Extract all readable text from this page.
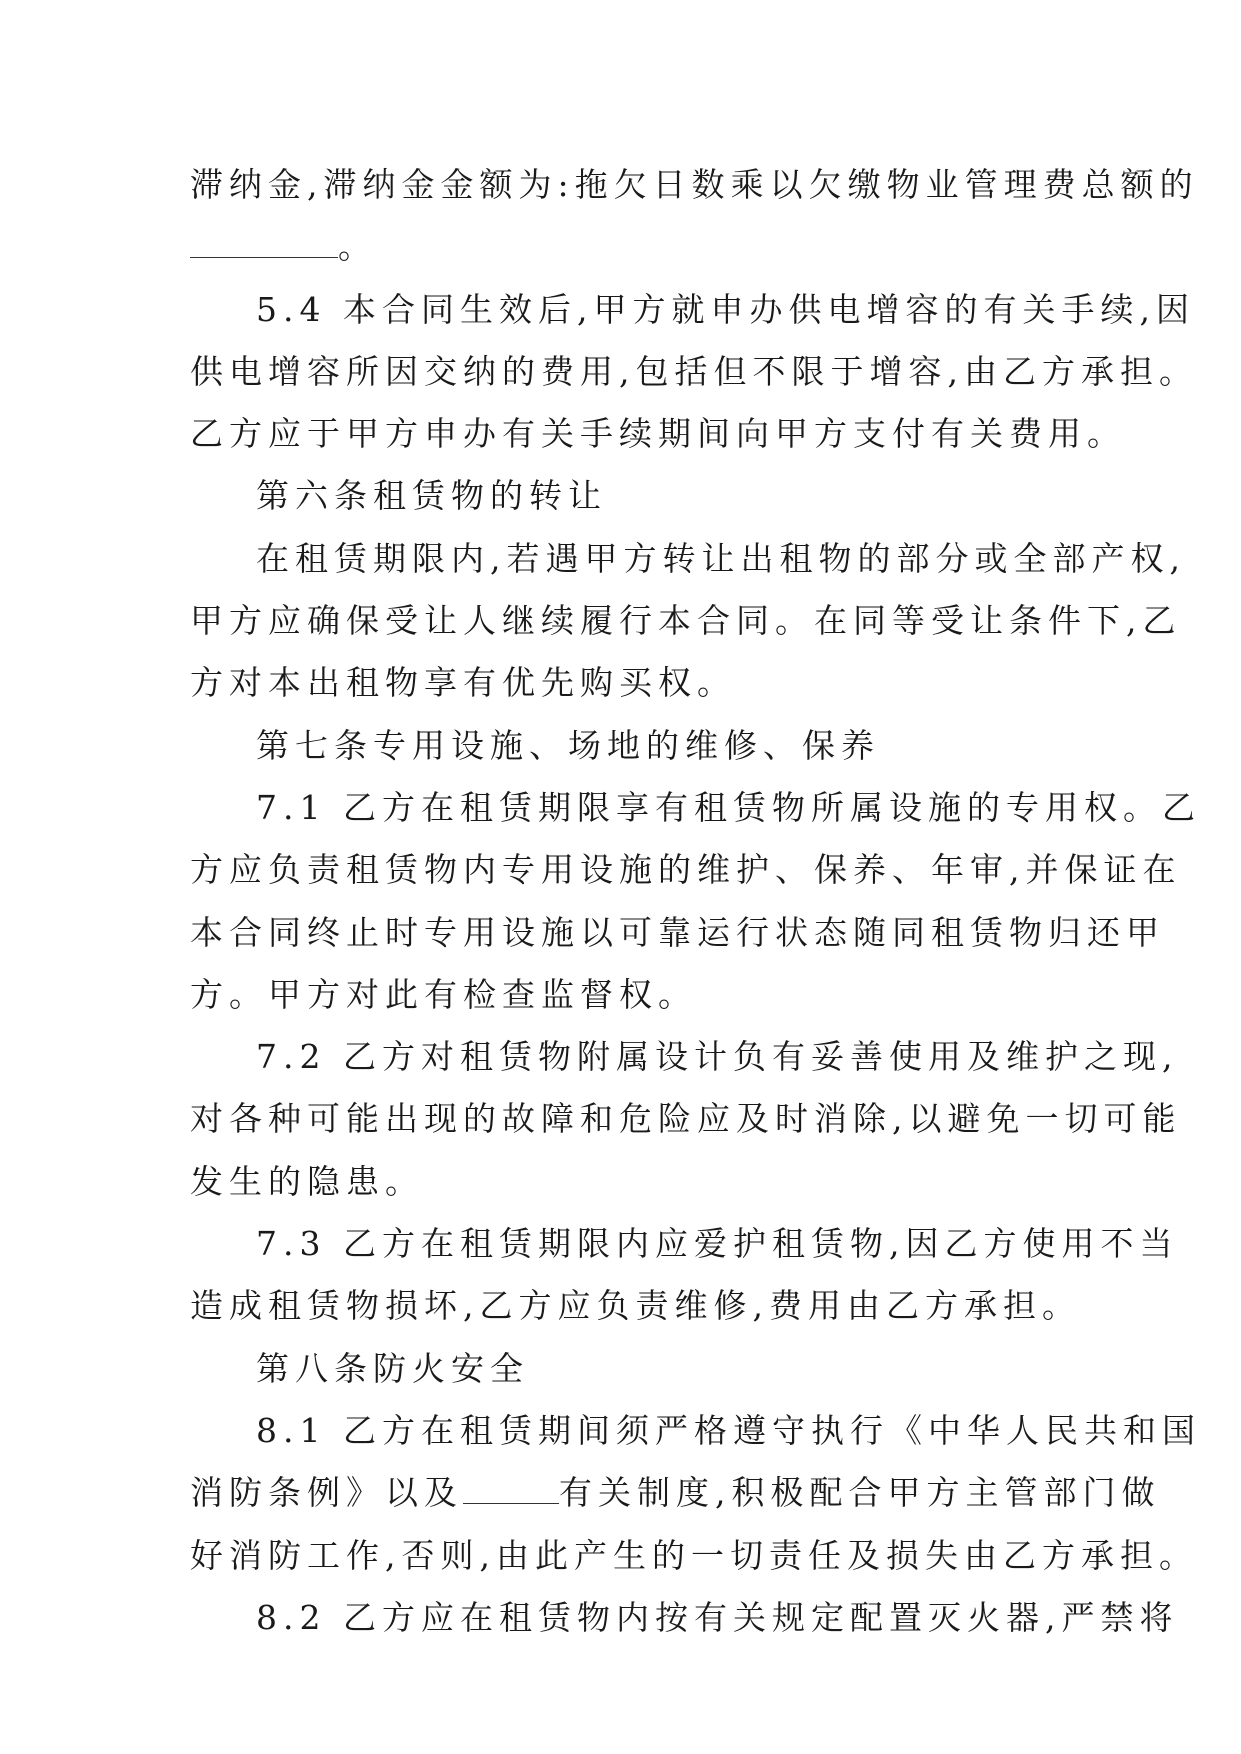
滞纳金,滞纳金金额为:拖欠日数乘以欠缴物业管理费总额的
。
5.4 本合同生效后,甲方就申办供电增容的有关手续,因
供电增容所因交纳的费用,包括但不限于增容,由乙方承担。
乙方应于甲方申办有关手续期间向甲方支付有关费用。
第六条租赁物的转让
在租赁期限内,若遇甲方转让出租物的部分或全部产权,
甲方应确保受让人继续履行本合同。在同等受让条件下,乙
方对本出租物享有优先购买权。
第七条专用设施、场地的维修、保养
7.1 乙方在租赁期限享有租赁物所属设施的专用权。乙
方应负责租赁物内专用设施的维护、保养、年审,并保证在
本合同终止时专用设施以可靠运行状态随同租赁物归还甲
方。甲方对此有检查监督权。
7.2 乙方对租赁物附属设计负有妥善使用及维护之现,
对各种可能出现的故障和危险应及时消除,以避免一切可能
发生的隐患。
7.3 乙方在租赁期限内应爱护租赁物,因乙方使用不当
造成租赁物损坏,乙方应负责维修,费用由乙方承担。
第八条防火安全
8.1 乙方在租赁期间须严格遵守执行《中华人民共和国
消防条例》以及	有关制度,积极配合甲方主管部门做
好消防工作,否则,由此产生的一切责任及损失由乙方承担。
8.2 乙方应在租赁物内按有关规定配置灭火器,严禁将
